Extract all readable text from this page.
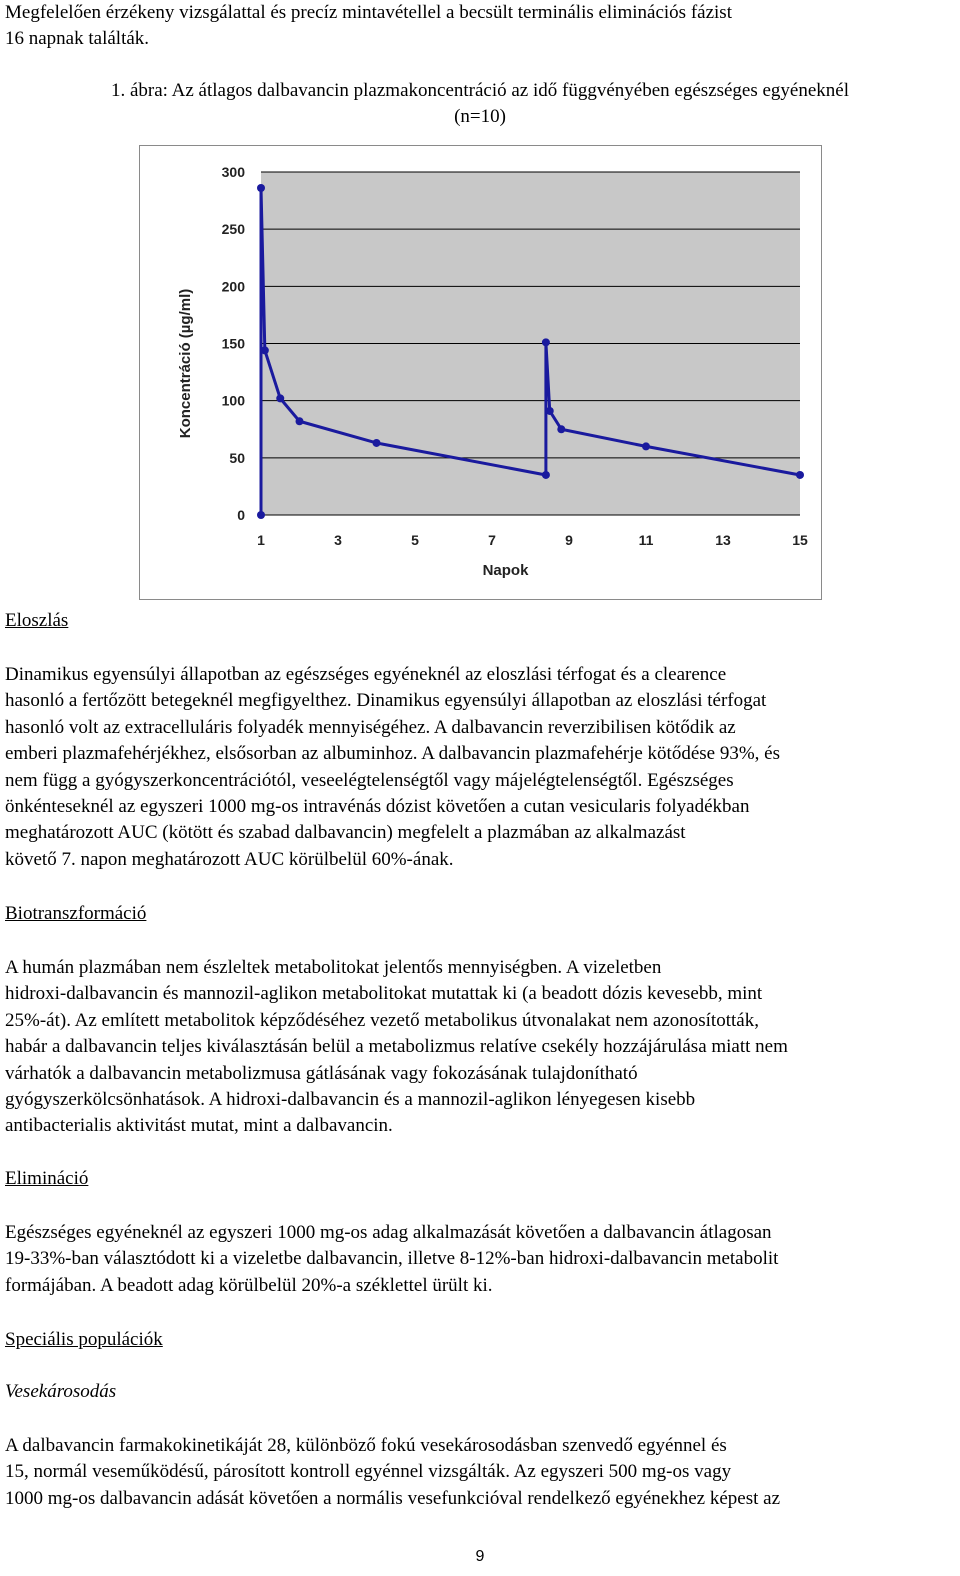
Megfelelően érzékeny vizsgálattal és precíz mintavétellel a becsült terminális eliminációs fázist

16 napnak találták.

1. ábra: Az átlagos dalbavancin plazmakoncentráció az idő függvényében egészséges egyéneknél

(n=10)

0
50
100
150
200
250
300
1	3	5	7	9	11	13	15
Napok
Koncentráció (µg/ml)

Eloszlás

Dinamikus egyensúlyi állapotban az egészséges egyéneknél az eloszlási térfogat és a clearence

hasonló a fertőzött betegeknél megfigyelthez. Dinamikus egyensúlyi állapotban az eloszlási térfogat

hasonló volt az extracelluláris folyadék mennyiségéhez. A dalbavancin reverzibilisen kötődik az

emberi plazmafehérjékhez, elsősorban az albuminhoz. A dalbavancin plazmafehérje kötődése 93%, és

nem függ a gyógyszerkoncentrációtól, veseelégtelenségtől vagy májelégtelenségtől. Egészséges

önkénteseknél az egyszeri 1000 mg-os intravénás dózist követően a cutan vesicularis folyadékban

meghatározott AUC (kötött és szabad dalbavancin) megfelelt a plazmában az alkalmazást

követő 7. napon meghatározott AUC körülbelül 60%-ának.

Biotranszformáció

A humán plazmában nem észleltek metabolitokat jelentős mennyiségben. A vizeletben

hidroxi-dalbavancin és mannozil-aglikon metabolitokat mutattak ki (a beadott dózis kevesebb, mint

25%-át). Az említett metabolitok képződéséhez vezető metabolikus útvonalakat nem azonosították,

habár a dalbavancin teljes kiválasztásán belül a metabolizmus relatíve csekély hozzájárulása miatt nem

várhatók a dalbavancin metabolizmusa gátlásának vagy fokozásának tulajdonítható

gyógyszerkölcsönhatások. A hidroxi-dalbavancin és a mannozil-aglikon lényegesen kisebb

antibacterialis aktivitást mutat, mint a dalbavancin.

Elimináció

Egészséges egyéneknél az egyszeri 1000 mg-os adag alkalmazását követően a dalbavancin átlagosan

19-33%-ban választódott ki a vizeletbe dalbavancin, illetve 8-12%-ban hidroxi-dalbavancin metabolit

formájában. A beadott adag körülbelül 20%-a széklettel ürült ki.

Speciális populációk

Vesekárosodás

A dalbavancin farmakokinetikáját 28, különböző fokú vesekárosodásban szenvedő egyénnel és

15, normál veseműködésű, párosított kontroll egyénnel vizsgálták. Az egyszeri 500 mg-os vagy

1000 mg-os dalbavancin adását követően a normális vesefunkcióval rendelkező egyénekhez képest az

9
